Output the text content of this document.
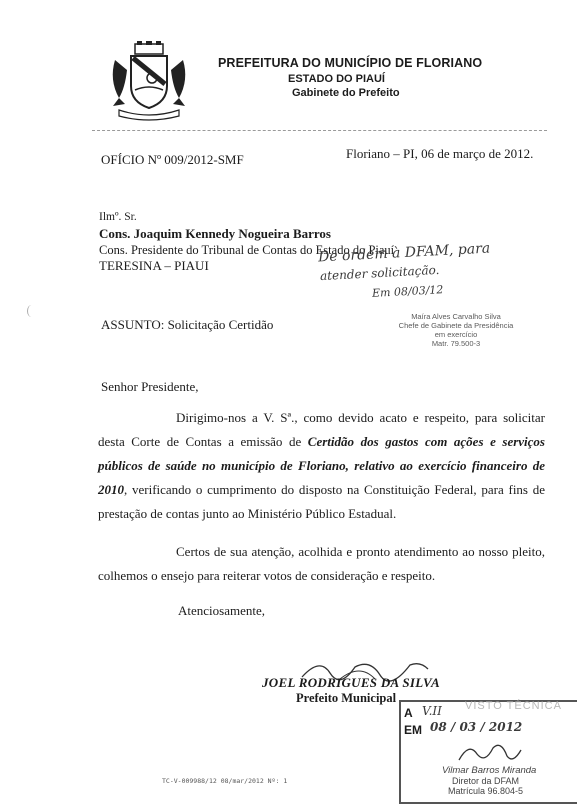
PREFEITURA DO MUNICÍPIO DE FLORIANO
ESTADO DO PIAUÍ
Gabinete do Prefeito
OFÍCIO Nº 009/2012-SMF	Floriano – PI, 06 de março de 2012.
Ilmº. Sr.
Cons. Joaquim Kennedy Nogueira Barros
Cons. Presidente do Tribunal de Contas do Estado do Piauí
TERESINA – PIAUI
De ordem à DFAM, para
atender solicitação.
Em 08/03/12
Maíra Alves Carvalho Silva
Chefe de Gabinete da Presidência
em exercício
Matr. 79.500-3
ASSUNTO: Solicitação Certidão
Senhor Presidente,
Dirigimo-nos a V. Sª., como devido acato e respeito, para solicitar desta Corte de Contas a emissão de Certidão dos gastos com ações e serviços públicos de saúde no município de Floriano, relativo ao exercício financeiro de 2010, verificando o cumprimento do disposto na Constituição Federal, para fins de prestação de contas junto ao Ministério Público Estadual.
Certos de sua atenção, acolhida e pronto atendimento ao nosso pleito, colhemos o ensejo para reiterar votos de consideração e respeito.
Atenciosamente,
JOEL RODRIGUES DA SILVA
Prefeito Municipal
VISTO TÉCNICA
A V.II
EM 08 / 03 / 2012
Vilmar Barros Miranda
Diretor da DFAM
Matrícula 96.804-5
TC-V-009988/12 08/mar/2012 Nº: 1
